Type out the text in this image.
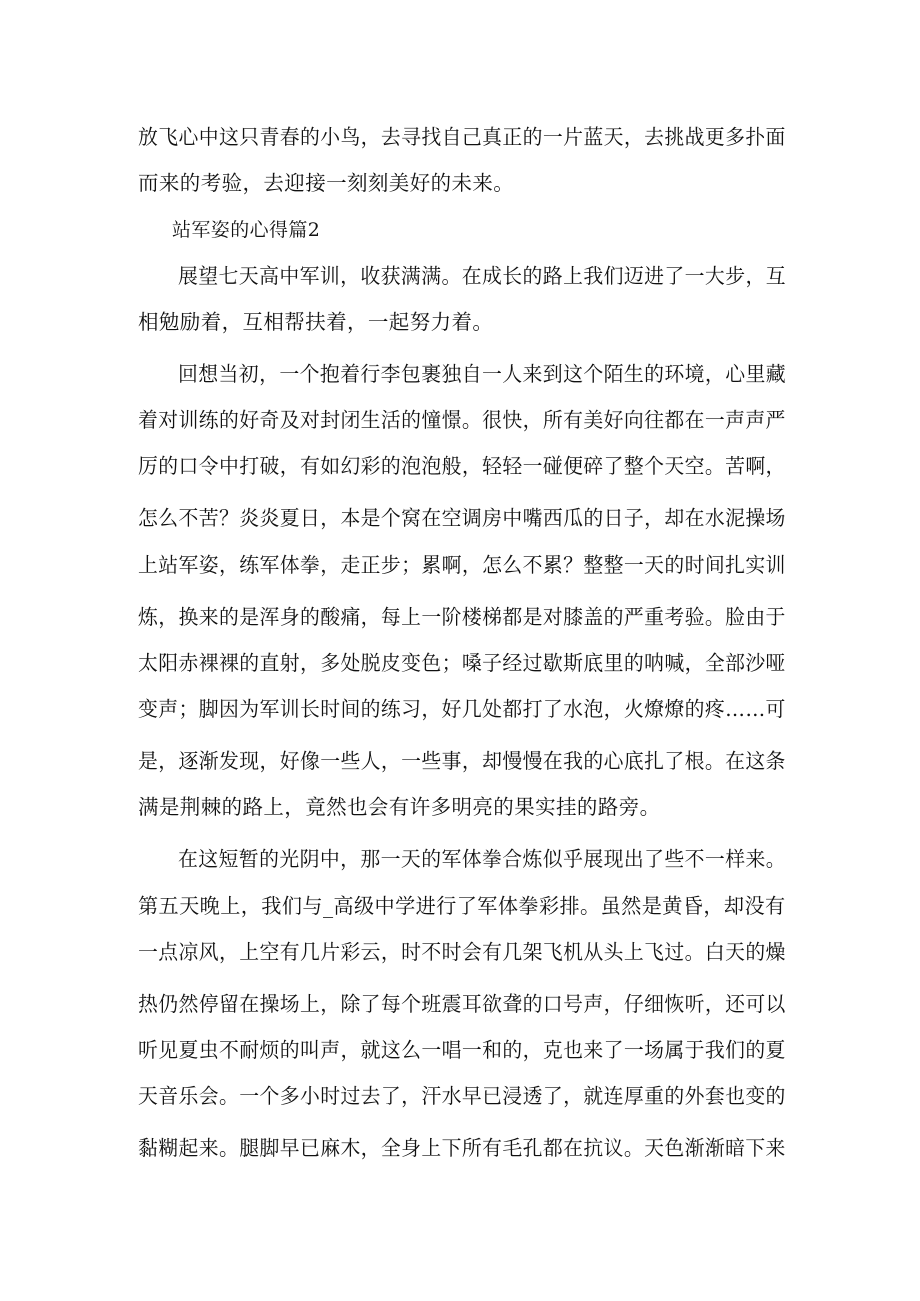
放飞心中这只青春的小鸟，去寻找自己真正的一片蓝天，去挑战更多扑面
而来的考验，去迎接一刻刻美好的未来。
站军姿的心得篇2
展望七天高中军训，收获满满。在成长的路上我们迈进了一大步，互
相勉励着，互相帮扶着，一起努力着。
回想当初，一个抱着行李包裹独自一人来到这个陌生的环境，心里藏
着对训练的好奇及对封闭生活的憧憬。很快，所有美好向往都在一声声严
厉的口令中打破，有如幻彩的泡泡般，轻轻一碰便碎了整个天空。苦啊，
怎么不苦？炎炎夏日，本是个窝在空调房中嘴西瓜的日子，却在水泥操场
上站军姿，练军体拳，走正步；累啊，怎么不累？整整一天的时间扎实训
炼，换来的是浑身的酸痛，每上一阶楼梯都是对膝盖的严重考验。脸由于
太阳赤裸裸的直射，多处脱皮变色；嗓子经过歇斯底里的呐喊，全部沙哑
变声；脚因为军训长时间的练习，好几处都打了水泡，火燎燎的疼……可
是，逐渐发现，好像一些人，一些事，却慢慢在我的心底扎了根。在这条
满是荆棘的路上，竟然也会有许多明亮的果实挂的路旁。
在这短暂的光阴中，那一天的军体拳合炼似乎展现出了些不一样来。
第五天晚上，我们与_高级中学进行了军体拳彩排。虽然是黄昏，却没有
一点凉风，上空有几片彩云，时不时会有几架飞机从头上飞过。白天的燥
热仍然停留在操场上，除了每个班震耳欲聋的口号声，仔细恢听，还可以
听见夏虫不耐烦的叫声，就这么一唱一和的，克也来了一场属于我们的夏
天音乐会。一个多小时过去了，汗水早已浸透了，就连厚重的外套也变的
黏糊起来。腿脚早已麻木，全身上下所有毛孔都在抗议。天色渐渐暗下来
